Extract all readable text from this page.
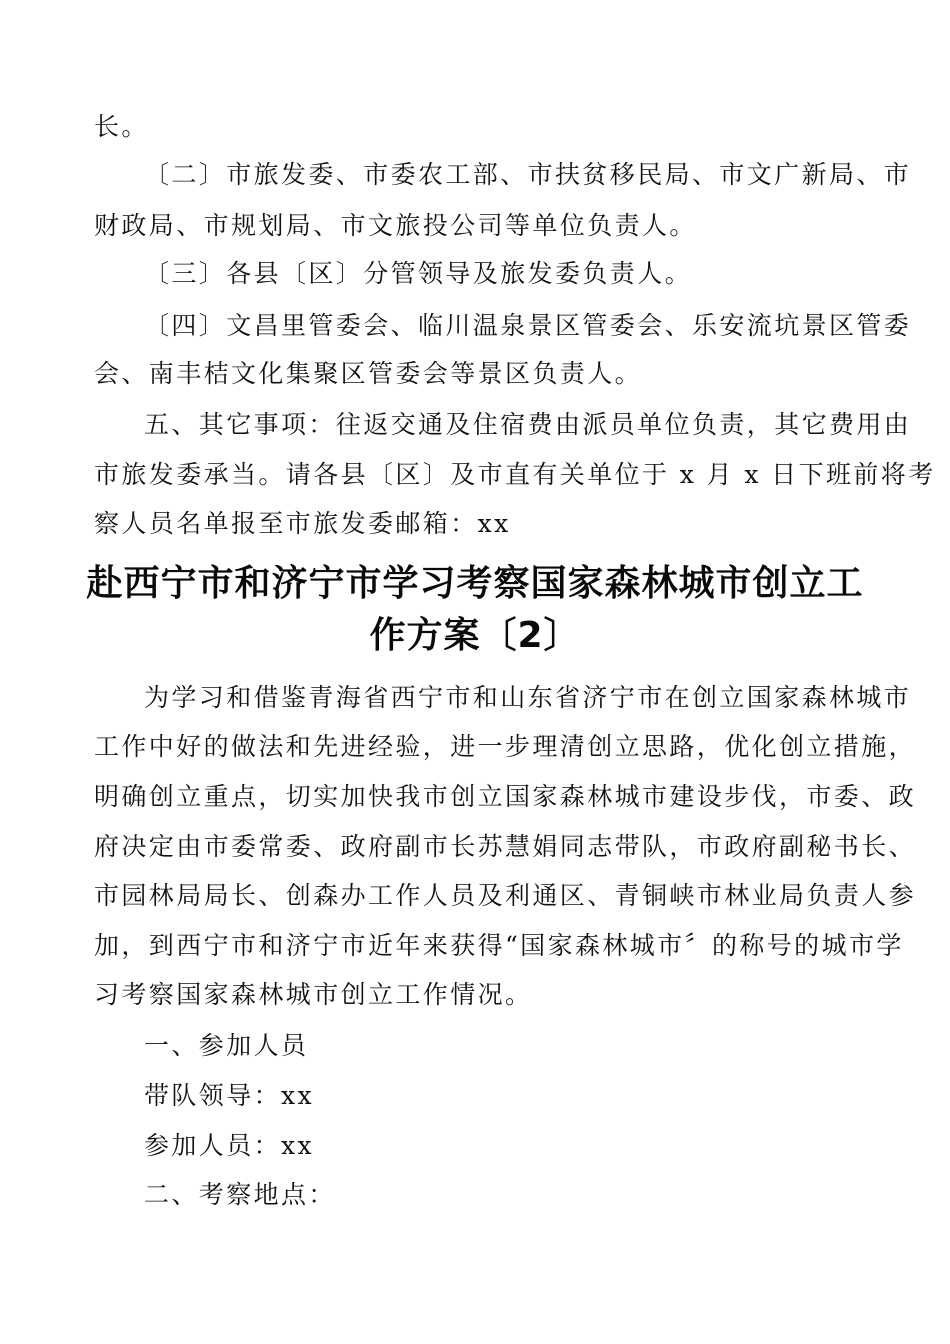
长。
〔二〕市旅发委、市委农工部、市扶贫移民局、市文广新局、市
财政局、市规划局、市文旅投公司等单位负责人。
〔三〕各县〔区〕分管领导及旅发委负责人。
〔四〕文昌里管委会、临川温泉景区管委会、乐安流坑景区管委
会、南丰桔文化集聚区管委会等景区负责人。
五、其它事项：往返交通及住宿费由派员单位负责，其它费用由
市旅发委承当。请各县〔区〕及市直有关单位于 x 月 x 日下班前将考
察人员名单报至市旅发委邮箱：xx
赴西宁市和济宁市学习考察国家森林城市创立工
作方案〔2〕
为学习和借鉴青海省西宁市和山东省济宁市在创立国家森林城市
工作中好的做法和先进经验，进一步理清创立思路，优化创立措施，
明确创立重点，切实加快我市创立国家森林城市建设步伐，市委、政
府决定由市委常委、政府副市长苏慧娟同志带队，市政府副秘书长、
市园林局局长、创森办工作人员及利通区、青铜峡市林业局负责人参
加，到西宁市和济宁市近年来获得“国家森林城市〞的称号的城市学
习考察国家森林城市创立工作情况。
一、参加人员
带队领导：xx
参加人员：xx
二、考察地点：
